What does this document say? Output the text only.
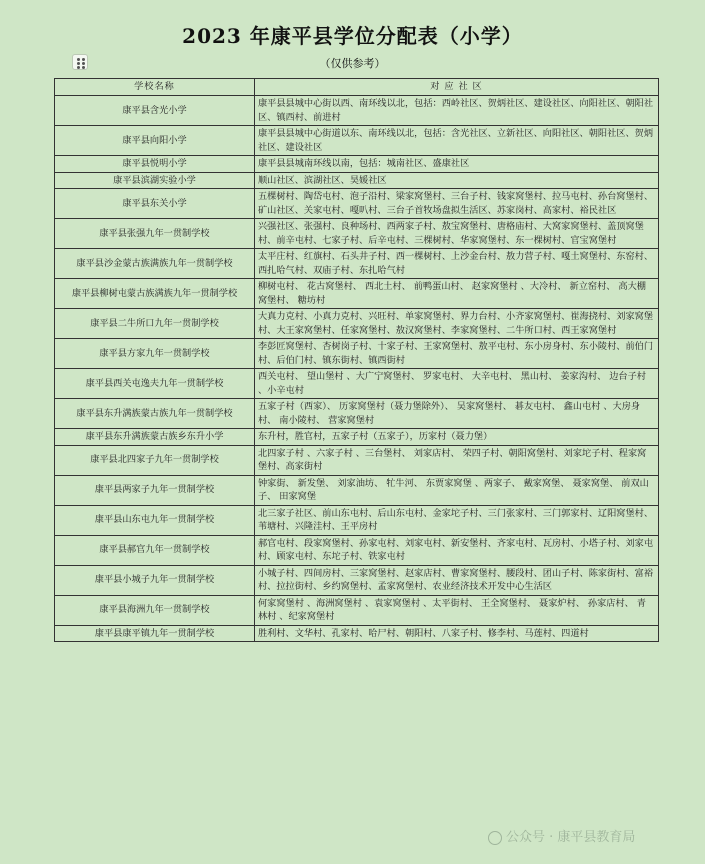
2023 年康平县学位分配表（小学）
（仅供参考）
学校名称	对 应 社 区
康平县含光小学	康平县县城中心街以西、南环线以北，包括：西岭社区、贺炳社区、建设社区、向阳社区、朝阳社区、镇西村、前进村
康平县向阳小学	康平县县城中心街道以东、南环线以北，包括：含光社区、立新社区、向阳社区、朝阳社区、贺炳社区、建设社区
康平县悦明小学	康平县县城南环线以南，包括：城南社区、盛康社区
康平县滨湖实验小学	顺山社区、滨湖社区、昊媛社区
康平县东关小学	五棵树村、陶岱屯村、泡子沿村、梁家窝堡村、三台子村、钱家窝堡村、拉马屯村、孙台窝堡村、矿山社区、关家屯村、嘎叭村、三台子首牧场盘拟生活区、苏家岗村、高家村、裕民社区
康平县张强九年一贯制学校	兴强社区、张强村、良种场村、西两家子村、敖宝窝堡村、唐格庙村、大窝家窝堡村、盖顶窝堡村、前辛屯村、七家子村、后辛屯村、三棵树村、华家窝堡村、东一棵树村、官宝窝堡村
康平县沙金蒙古族满族九年一贯制学校	太平庄村、红旗村、石头井子村、西一棵树村、上沙金台村、敖力营子村、嘎土窝堡村、东窑村、西扎哈气村、双庙子村、东扎哈气村
康平县柳树屯蒙古族满族九年一贯制学校	柳树屯村、 花古窝堡村、 西北土村、 前鸭蛋山村、 赵家窝堡村 、大冷村、 新立窑村、 高大棚窝堡村、 糖坊村
康平县二牛所口九年一贯制学校	大真力克村、小真力克村、兴旺村、单家窝堡村、界力台村、小齐家窝堡村、崔海挠村、刘家窝堡村、大王家窝堡村、任家窝堡村、敖汉窝堡村、李家窝堡村、二牛所口村、西王家窝堡村
康平县方家九年一贯制学校	李彭匠窝堡村、杏树岗子村、十家子村、王家窝堡村、敖平屯村、东小房身村、东小陵村、前伯门村、后伯门村、镇东街村、镇西街村
康平县西关屯逸夫九年一贯制学校	西关屯村、 望山堡村 、大广宁窝堡村、 罗家屯村、 大辛屯村、 黑山村、 姜家沟村、 边台子村 、小辛屯村
康平县东升满族蒙古族九年一贯制学校	五家子村（西家）、 历家窝堡村（聂力堡除外）、 吴家窝堡村、 碁友屯村、 鑫山屯村 、大房身村、 南小陵村、 营家窝堡村
康平县东升满族蒙古族乡东升小学	东升村，胜官村，五家子村（五家子），历家村（聂力堡）
康平县北四家子九年一贯制学校	北四家子村 、六家子村 、三台堡村、 刘家店村、 荣四子村、朝阳窝堡村、刘家坨子村、程家窝堡村、高家街村
康平县两家子九年一贯制学校	钟家街、 新发堡、 刘家油坊、 牤牛河、 东贾家窝堡 、两家子、 戴家窝堡、 聂家窝堡、 前双山子、 田家窝堡
康平县山东屯九年一贯制学校	北三家子社区、前山东屯村、后山东屯村、金家坨子村、三门张家村、三门郭家村、辽阳窝堡村、苇塘村、兴隆洼村、王平房村
康平县郝官九年一贯制学校	郝官屯村、段家窝堡村、孙家屯村、刘家屯村、新安堡村、齐家屯村、瓦房村、小塔子村、刘家屯村、顾家屯村、东坨子村、铁家屯村
康平县小城子九年一贯制学校	小城子村、四间房村、三家窝堡村、赵家店村、曹家窝堡村、腰段村、团山子村、陈家街村、富裕村、拉拉街村、乡约窝堡村、孟家窝堡村、农业经济技术开发中心生活区
康平县海洲九年一贯制学校	何家窝堡村 、海洲窝堡村 、袁家窝堡村 、太平街村、 王全窝堡村、 聂家炉村、 孙家店村、 青林村 、纪家窝堡村
康平县康平镇九年一贯制学校	胜利村、文华村、孔家村、哈尸村、朝阳村、八家子村、修李村、马莲村、四道村
公众号 · 康平县教育局
